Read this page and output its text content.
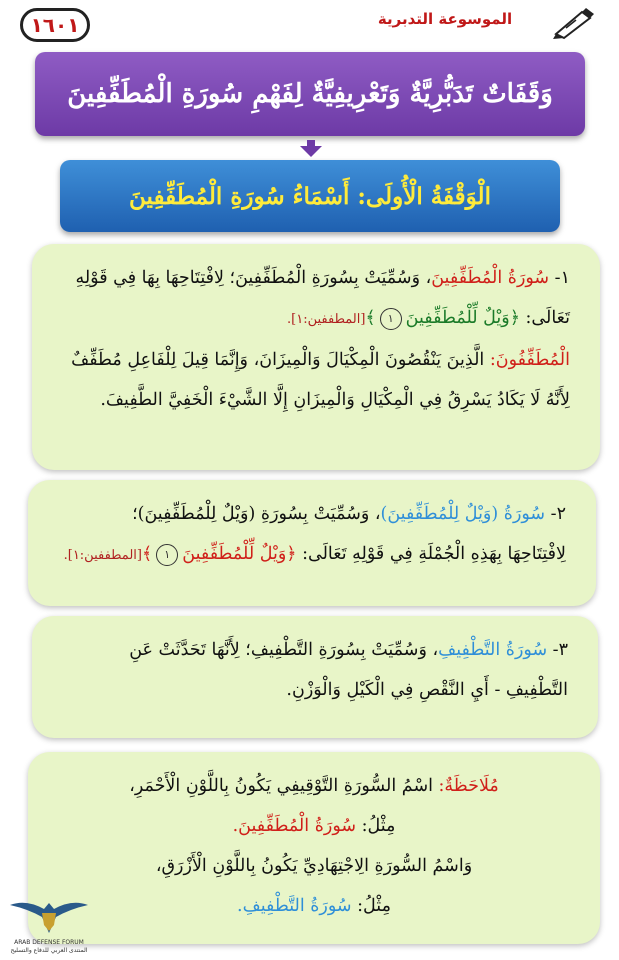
١٦٠١	الموسوعة التدبرية
وَقَفَاتٌ تَدَبُّرِيَّةٌ وَتَعْرِيفِيَّةٌ لِفَهْمِ سُورَةِ الْمُطَفِّفِينَ
الْوَقْفَةُ الْأُولَى: أَسْمَاءُ سُورَةِ الْمُطَفِّفِينَ
١- سُورَةُ الْمُطَفِّفِينَ، وَسُمِّيَتْ بِسُورَةِ الْمُطَفِّفِينَ؛ لِافْتِتَاحِهَا بِهَا فِي قَوْلِهِ
تَعَالَى: ﴿وَيْلٌ لِّلْمُطَفِّفِينَ١﴾[المطففين:١].
الْمُطَفِّفُونَ: الَّذِينَ يَنْقُصُونَ الْمِكْيَالَ وَالْمِيزَانَ، وَإِنَّمَا قِيلَ لِلْفَاعِلِ مُطَفِّفٌ
لِأَنَّهُ لَا يَكَادُ يَسْرِقُ فِي الْمِكْيَالِ وَالْمِيزَانِ إِلَّا الشَّيْءَ الْخَفِيَّ الطَّفِيفَ.
٢- سُورَةُ (وَيْلٌ لِلْمُطَفِّفِينَ)، وَسُمِّيَتْ بِسُورَةِ (وَيْلٌ لِلْمُطَفِّفِينَ)؛
لِافْتِتَاحِهَا بِهَذِهِ الْجُمْلَةِ فِي قَوْلِهِ تَعَالَى: ﴿وَيْلٌ لِّلْمُطَفِّفِينَ١﴾[المطففين:١].
٣- سُورَةُ التَّطْفِيفِ، وَسُمِّيَتْ بِسُورَةِ التَّطْفِيفِ؛ لِأَنَّهَا تَحَدَّثَتْ عَنِ
التَّطْفِيفِ - أَيِ النَّقْصِ فِي الْكَيْلِ وَالْوَزْنِ.
مُلَاحَظَةٌ: اسْمُ السُّورَةِ التَّوْقِيفِي يَكُونُ بِاللَّوْنِ الْأَحْمَرِ،
مِثْلُ: سُورَةُ الْمُطَفِّفِينَ.
وَاسْمُ السُّورَةِ الِاجْتِهَادِيِّ يَكُونُ بِاللَّوْنِ الْأَزْرَقِ،
مِثْلُ: سُورَةُ التَّطْفِيفِ.
ARAB DEFENSE FORUM
المنتدى العربي للدفاع والتسليح
